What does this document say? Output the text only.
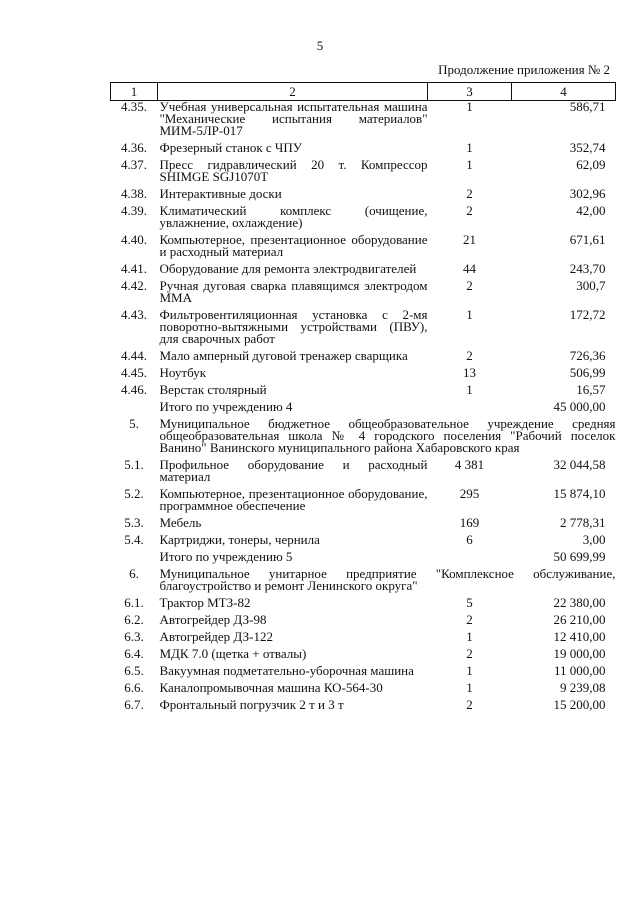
5
Продолжение приложения № 2
1	2	3	4
4.35.	Учебная универсальная испытательная машина "Механические испытания материалов" МИМ-5ЛР-017	1	586,71

4.36.	Фрезерный станок с ЧПУ	1	352,74

4.37.	Пресс гидравлический 20 т. Компрессор SHIMGE SGJ1070T	1	62,09

4.38.	Интерактивные доски	2	302,96

4.39.	Климатический комплекс (очищение, увлажнение, охлаждение)	2	42,00

4.40.	Компьютерное, презентационное оборудование и расходный материал	21	671,61

4.41.	Оборудование для ремонта электродвигателей	44	243,70

4.42.	Ручная дуговая сварка плавящимся электродом ММА	2	300,7

4.43.	Фильтровентиляционная установка с 2-мя поворотно-вытяжными устройствами (ПВУ), для сварочных работ	1	172,72

4.44.	Мало амперный дуговой тренажер сварщика	2	726,36

4.45.	Ноутбук	13	506,99

4.46.	Верстак столярный	1	16,57

	Итого по учреждению 4		45 000,00

5.	Муниципальное бюджетное общеобразовательное учреждение средняя общеобразовательная школа № 4 городского поселения "Рабочий поселок Ванино" Ванинского муниципального района Хабаровского края		

5.1.	Профильное оборудование и расходный материал	4 381	32 044,58

5.2.	Компьютерное, презентационное оборудование, программное обеспечение	295	15 874,10

5.3.	Мебель	169	2 778,31

5.4.	Картриджи, тонеры, чернила	6	3,00

	Итого по учреждению 5		50 699,99

6.	Муниципальное унитарное предприятие "Комплексное обслуживание, благоустройство и ремонт Ленинского округа"		

6.1.	Трактор МТЗ-82	5	22 380,00

6.2.	Автогрейдер ДЗ-98	2	26 210,00

6.3.	Автогрейдер ДЗ-122	1	12 410,00

6.4.	МДК 7.0 (щетка + отвалы)	2	19 000,00

6.5.	Вакуумная подметательно-уборочная машина	1	11 000,00

6.6.	Каналопромывочная машина КО-564-30	1	9 239,08

6.7.	Фронтальный погрузчик 2 т и 3 т	2	15 200,00
